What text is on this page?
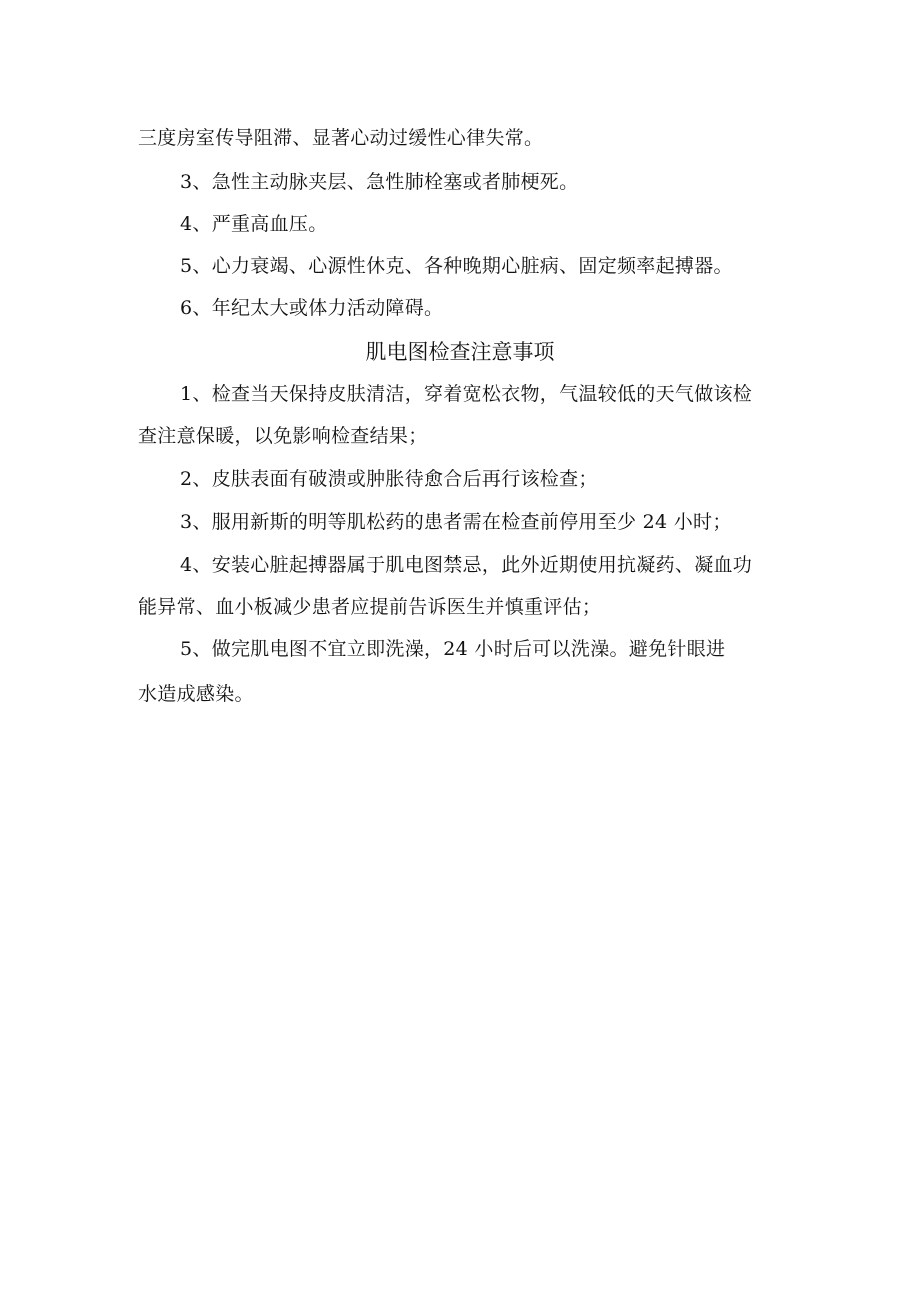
三度房室传导阻滞、显著心动过缓性心律失常。
3、急性主动脉夹层、急性肺栓塞或者肺梗死。
4、严重高血压。
5、心力衰竭、心源性休克、各种晚期心脏病、固定频率起搏器。
6、年纪太大或体力活动障碍。
肌电图检查注意事项
1、检查当天保持皮肤清洁，穿着宽松衣物，气温较低的天气做该检
查注意保暖，以免影响检查结果；
2、皮肤表面有破溃或肿胀待愈合后再行该检查；
3、服用新斯的明等肌松药的患者需在检查前停用至少 24 小时；
4、安装心脏起搏器属于肌电图禁忌，此外近期使用抗凝药、凝血功
能异常、血小板减少患者应提前告诉医生并慎重评估；
5、做完肌电图不宜立即洗澡，24 小时后可以洗澡。避免针眼进
水造成感染。
